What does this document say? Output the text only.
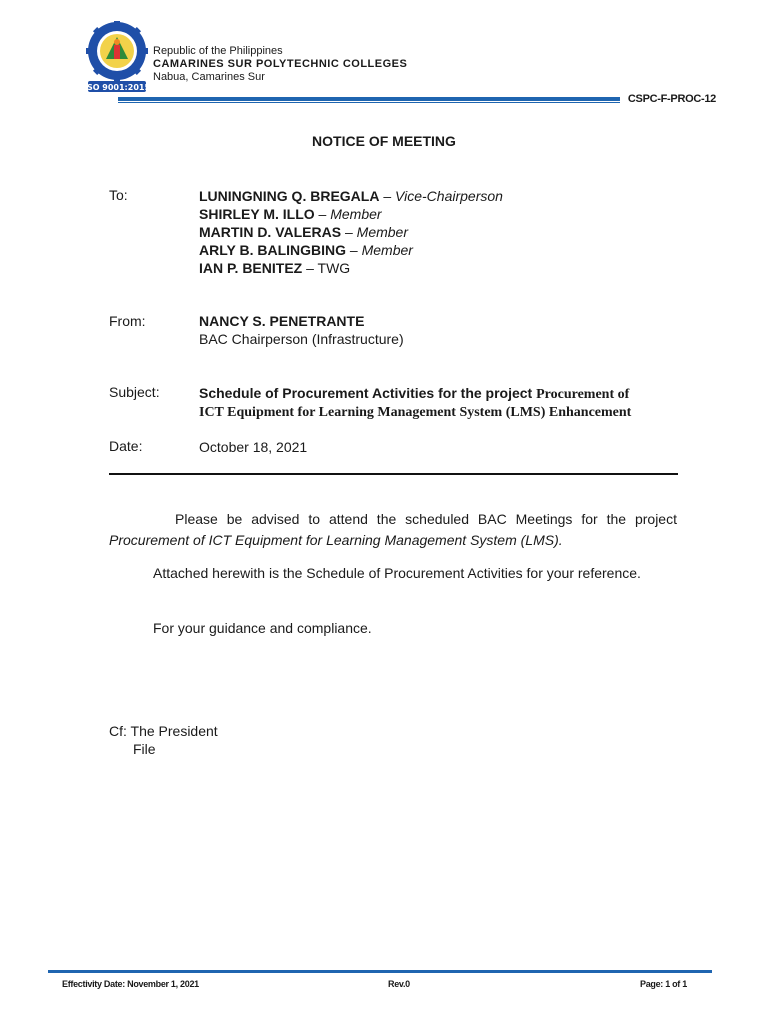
ISO 9001:2015
Republic of the Philippines
CAMARINES SUR POLYTECHNIC COLLEGES
Nabua, Camarines Sur
CSPC-F-PROC-12
NOTICE OF MEETING
To:	LUNINGNING Q. BREGALA – Vice-Chairperson
SHIRLEY M. ILLO – Member
MARTIN D. VALERAS – Member
ARLY B. BALINGBING – Member
IAN P. BENITEZ – TWG
From:	NANCY S. PENETRANTE
BAC Chairperson (Infrastructure)
Subject:	Schedule of Procurement Activities for the project Procurement of
ICT Equipment for Learning Management System (LMS) Enhancement
Date:	October 18, 2021
Please be advised to attend the scheduled BAC Meetings for the project Procurement of ICT Equipment for Learning Management System (LMS).
Attached herewith is the Schedule of Procurement Activities for your reference.
For your guidance and compliance.
Cf: The President
File
Effectivity Date: November 1, 2021	Rev.0	Page: 1 of 1
